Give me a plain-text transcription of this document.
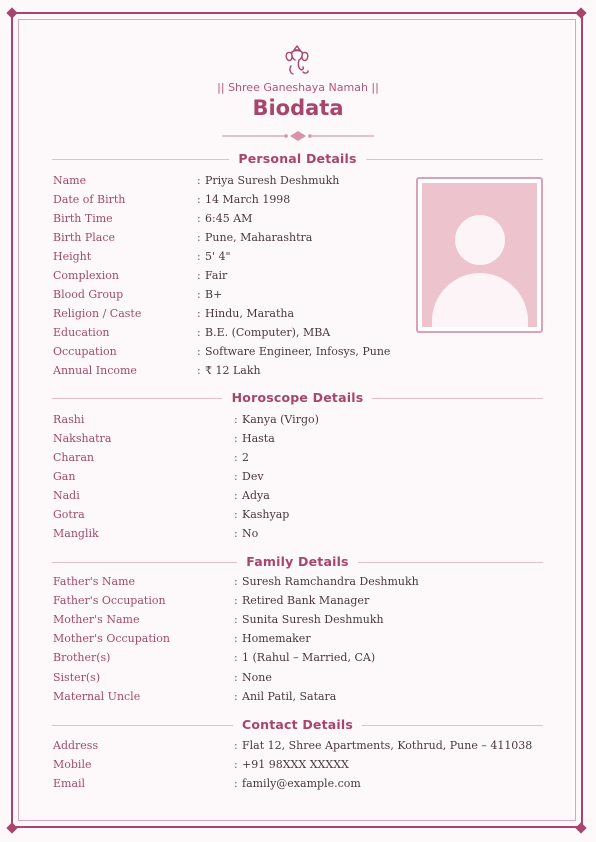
|| Shree Ganeshaya Namah ||
Biodata
Personal Details
Name	: Priya Suresh Deshmukh
Date of Birth	: 14 March 1998
Birth Time	: 6:45 AM
Birth Place	: Pune, Maharashtra
Height	: 5' 4"
Complexion	: Fair
Blood Group	: B+
Religion / Caste	: Hindu, Maratha
Education	: B.E. (Computer), MBA
Occupation	: Software Engineer, Infosys, Pune
Annual Income	: ₹ 12 Lakh
Horoscope Details
Rashi	: Kanya (Virgo)
Nakshatra	: Hasta
Charan	: 2
Gan	: Dev
Nadi	: Adya
Gotra	: Kashyap
Manglik	: No
Family Details
Father's Name	: Suresh Ramchandra Deshmukh
Father's Occupation	: Retired Bank Manager
Mother's Name	: Sunita Suresh Deshmukh
Mother's Occupation	: Homemaker
Brother(s)	: 1 (Rahul – Married, CA)
Sister(s)	: None
Maternal Uncle	: Anil Patil, Satara
Contact Details
Address	: Flat 12, Shree Apartments, Kothrud, Pune – 411038
Mobile	: +91 98XXX XXXXX
Email	: family@example.com
